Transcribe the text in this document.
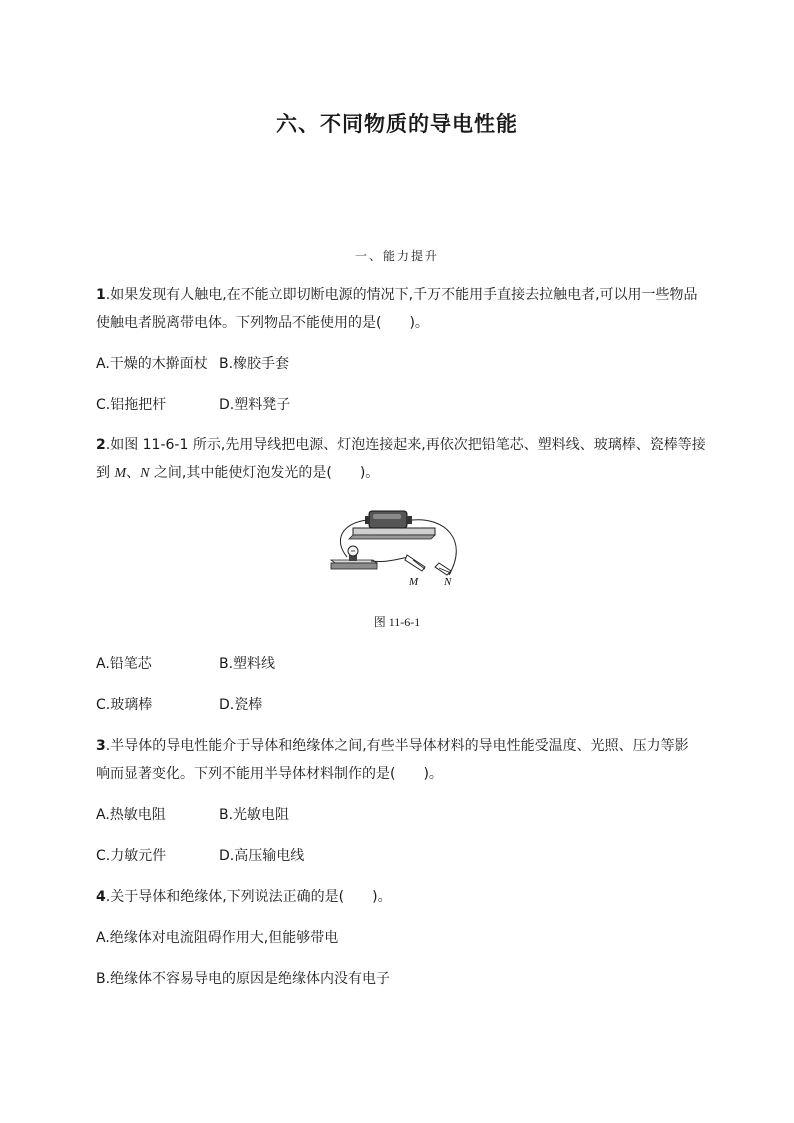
六、不同物质的导电性能
一、能力提升
1.如果发现有人触电,在不能立即切断电源的情况下,千万不能用手直接去拉触电者,可以用一些物品
使触电者脱离带电体。下列物品不能使用的是(　　)。
A.干燥的木擀面杖 B.橡胶手套
C.铝拖把杆	D.塑料凳子
2.如图 11-6-1 所示,先用导线把电源、灯泡连接起来,再依次把铅笔芯、塑料线、玻璃棒、瓷棒等接
到 M、N 之间,其中能使灯泡发光的是(　　)。
M N
图 11-6-1
A.铅笔芯	B.塑料线
C.玻璃棒	D.瓷棒
3.半导体的导电性能介于导体和绝缘体之间,有些半导体材料的导电性能受温度、光照、压力等影
响而显著变化。下列不能用半导体材料制作的是(　　)。
A.热敏电阻	B.光敏电阻
C.力敏元件	D.高压输电线
4.关于导体和绝缘体,下列说法正确的是(　　)。
A.绝缘体对电流阻碍作用大,但能够带电
B.绝缘体不容易导电的原因是绝缘体内没有电子
